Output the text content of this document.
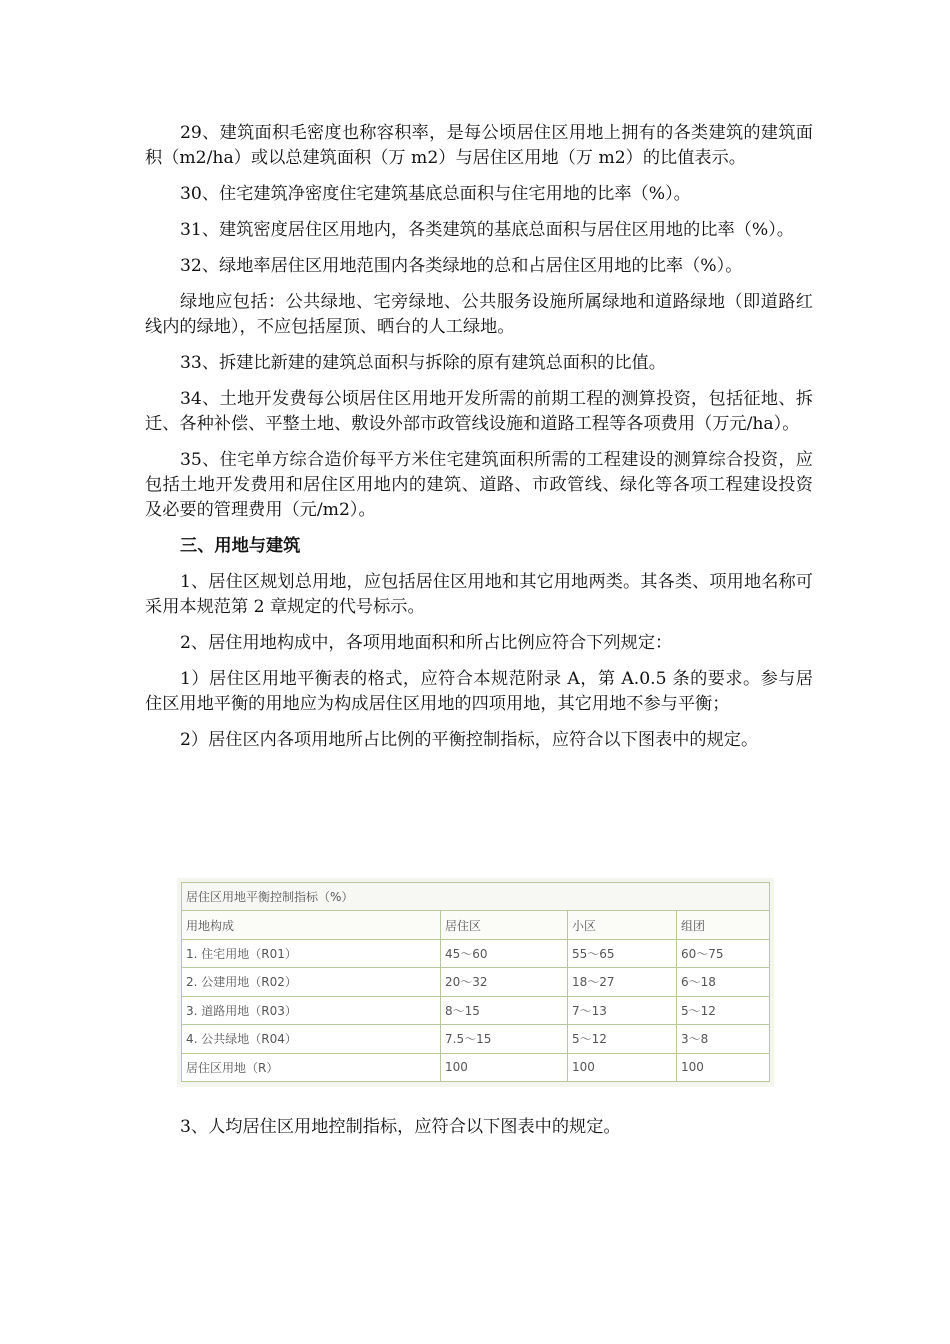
29、建筑面积毛密度也称容积率，是每公顷居住区用地上拥有的各类建筑的建筑面积（m2/ha）或以总建筑面积（万 m2）与居住区用地（万 m2）的比值表示。

30、住宅建筑净密度住宅建筑基底总面积与住宅用地的比率（%）。

31、建筑密度居住区用地内，各类建筑的基底总面积与居住区用地的比率（%）。

32、绿地率居住区用地范围内各类绿地的总和占居住区用地的比率（%）。

绿地应包括：公共绿地、宅旁绿地、公共服务设施所属绿地和道路绿地（即道路红线内的绿地），不应包括屋顶、晒台的人工绿地。

33、拆建比新建的建筑总面积与拆除的原有建筑总面积的比值。

34、土地开发费每公顷居住区用地开发所需的前期工程的测算投资，包括征地、拆迁、各种补偿、平整土地、敷设外部市政管线设施和道路工程等各项费用（万元/ha）。

35、住宅单方综合造价每平方米住宅建筑面积所需的工程建设的测算综合投资，应包括土地开发费用和居住区用地内的建筑、道路、市政管线、绿化等各项工程建设投资及必要的管理费用（元/m2）。

三、用地与建筑

1、居住区规划总用地，应包括居住区用地和其它用地两类。其各类、项用地名称可采用本规范第 2 章规定的代号标示。

2、居住用地构成中，各项用地面积和所占比例应符合下列规定：

1）居住区用地平衡表的格式，应符合本规范附录 A，第 A.0.5 条的要求。参与居住区用地平衡的用地应为构成居住区用地的四项用地，其它用地不参与平衡；

2）居住区内各项用地所占比例的平衡控制指标，应符合以下图表中的规定。

居住区用地平衡控制指标（%）			
用地构成	居住区	小区	组团
1. 住宅用地（R01）	45～60	55～65	60～75
2. 公建用地（R02）	20～32	18～27	6～18
3. 道路用地（R03）	8～15	7～13	5～12
4. 公共绿地（R04）	7.5～15	5～12	3～8
居住区用地（R）	100	100	100

3、人均居住区用地控制指标，应符合以下图表中的规定。
